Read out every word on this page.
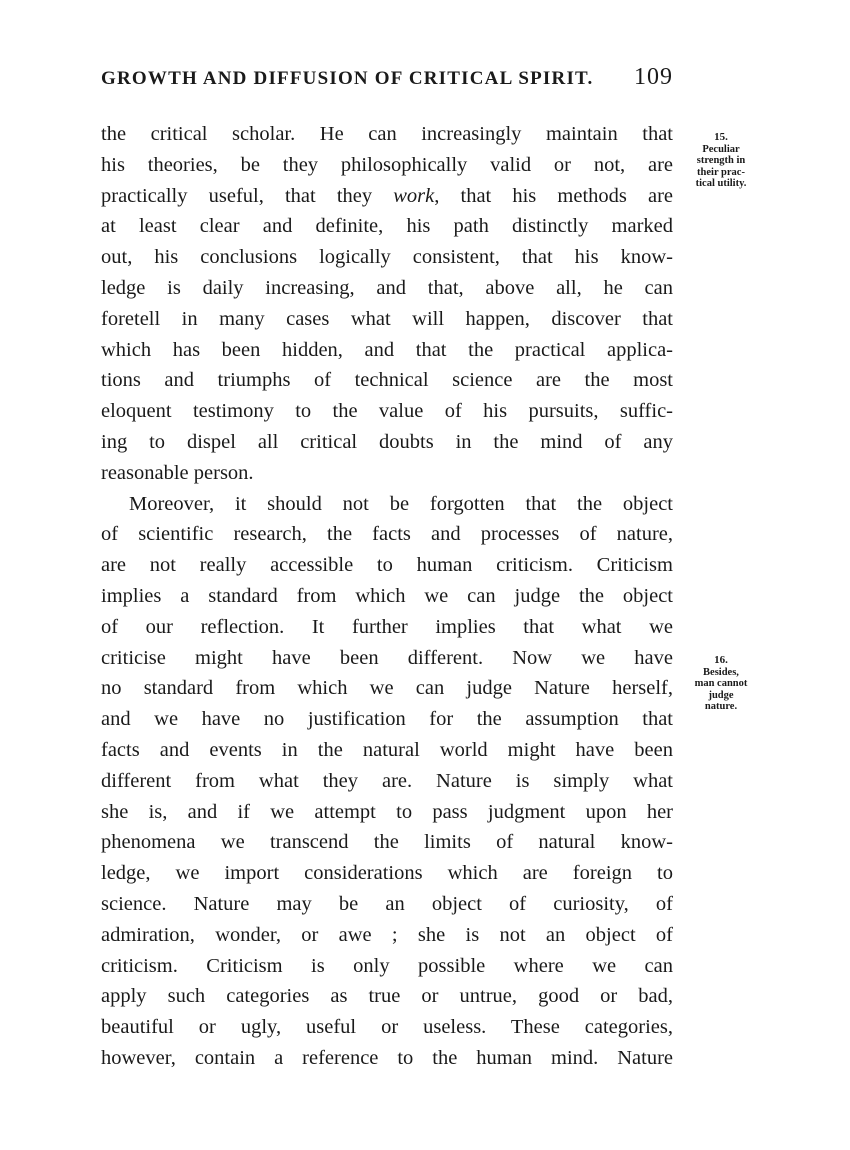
GROWTH AND DIFFUSION OF CRITICAL SPIRIT. 109
the critical scholar. He can increasingly maintain that
his theories, be they philosophically valid or not, are
practically useful, that they work, that his methods are
at least clear and definite, his path distinctly marked
out, his conclusions logically consistent, that his know-
ledge is daily increasing, and that, above all, he can
foretell in many cases what will happen, discover that
which has been hidden, and that the practical applica-
tions and triumphs of technical science are the most
eloquent testimony to the value of his pursuits, suffic-
ing to dispel all critical doubts in the mind of any
reasonable person.
Moreover, it should not be forgotten that the object
of scientific research, the facts and processes of nature,
are not really accessible to human criticism. Criticism
implies a standard from which we can judge the object
of our reflection. It further implies that what we
criticise might have been different. Now we have
no standard from which we can judge Nature herself,
and we have no justification for the assumption that
facts and events in the natural world might have been
different from what they are. Nature is simply what
she is, and if we attempt to pass judgment upon her
phenomena we transcend the limits of natural know-
ledge, we import considerations which are foreign to
science. Nature may be an object of curiosity, of
admiration, wonder, or awe ; she is not an object of
criticism. Criticism is only possible where we can
apply such categories as true or untrue, good or bad,
beautiful or ugly, useful or useless. These categories,
however, contain a reference to the human mind. Nature
15.
Peculiar
strength in
their prac-
tical utility.
16.
Besides,
man cannot
judge
nature.
